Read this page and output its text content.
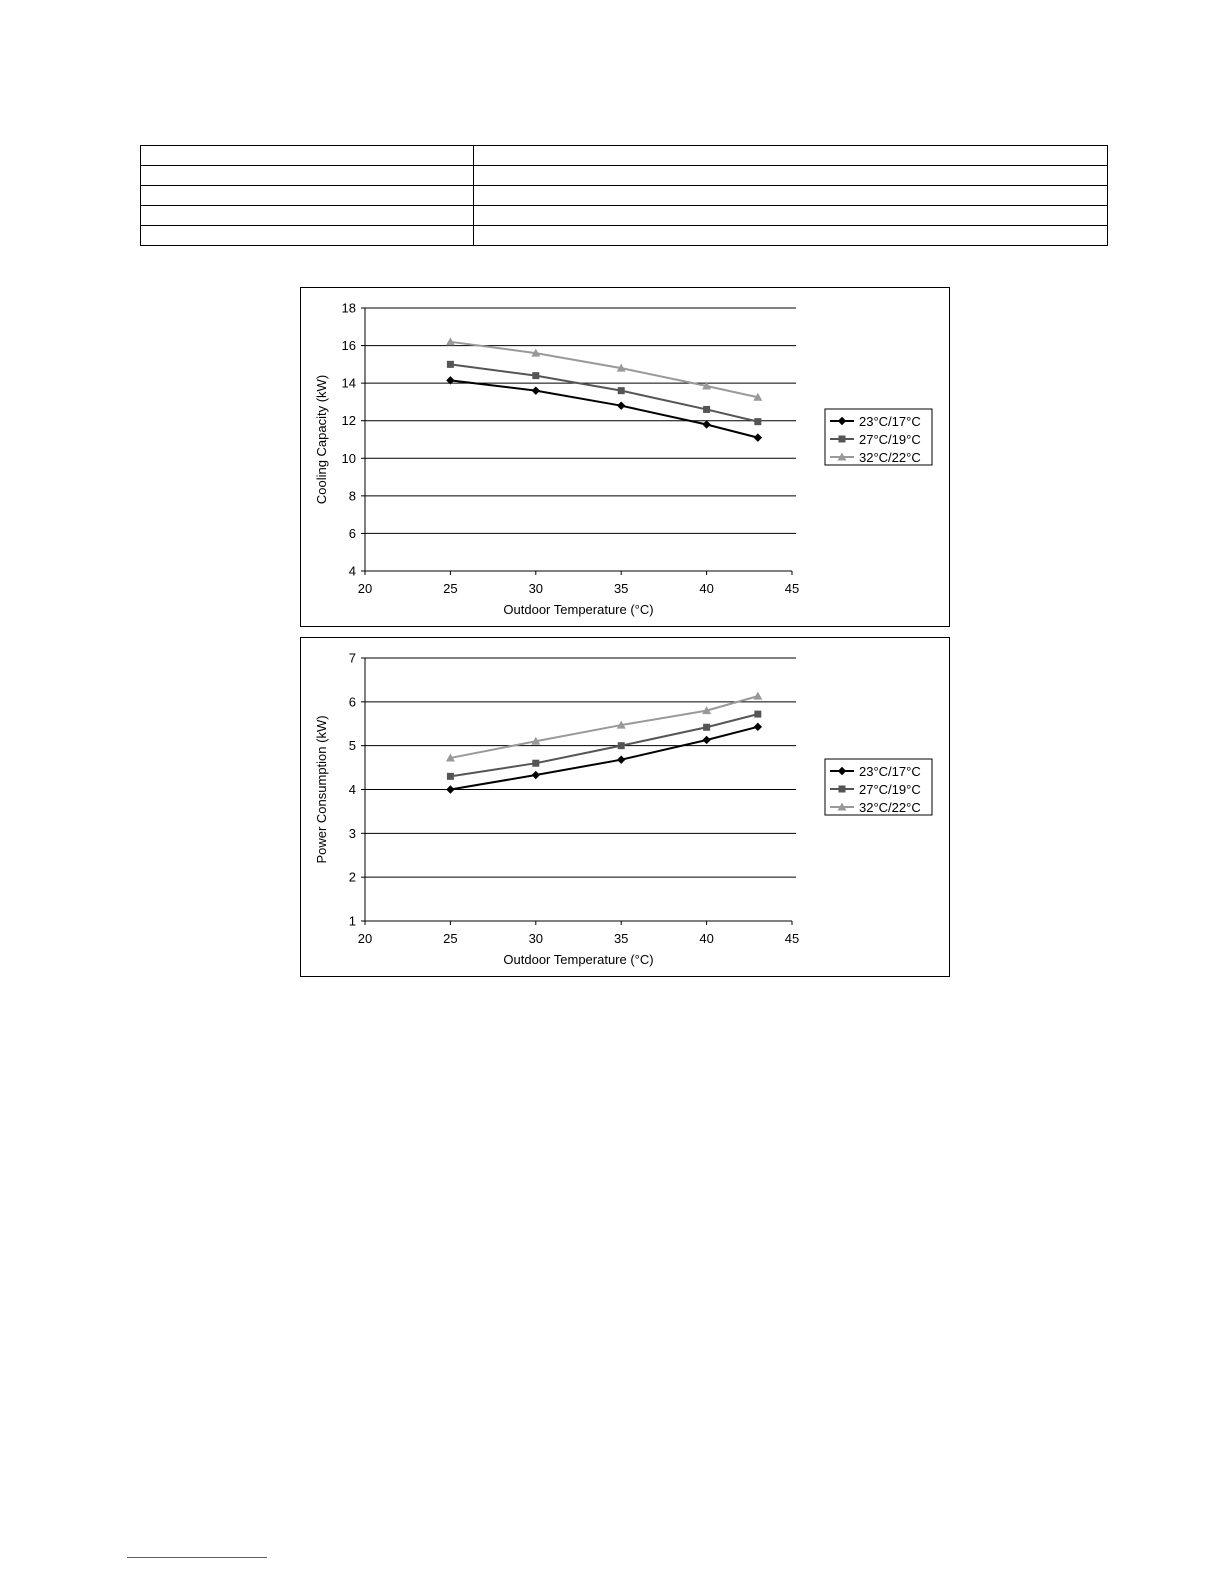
4
6
8
10
12
14
16
18
20	25	30	35	40	45
Outdoor Temperature (°C)
Cooling Capacity (kW)	23°C/17°C
27°C/19°C
32°C/22°C
1
2
3
4
5
6
7
20	25	30	35	40	45
Outdoor Temperature (°C)
Power Consumption (kW)	23°C/17°C
27°C/19°C
32°C/22°C
